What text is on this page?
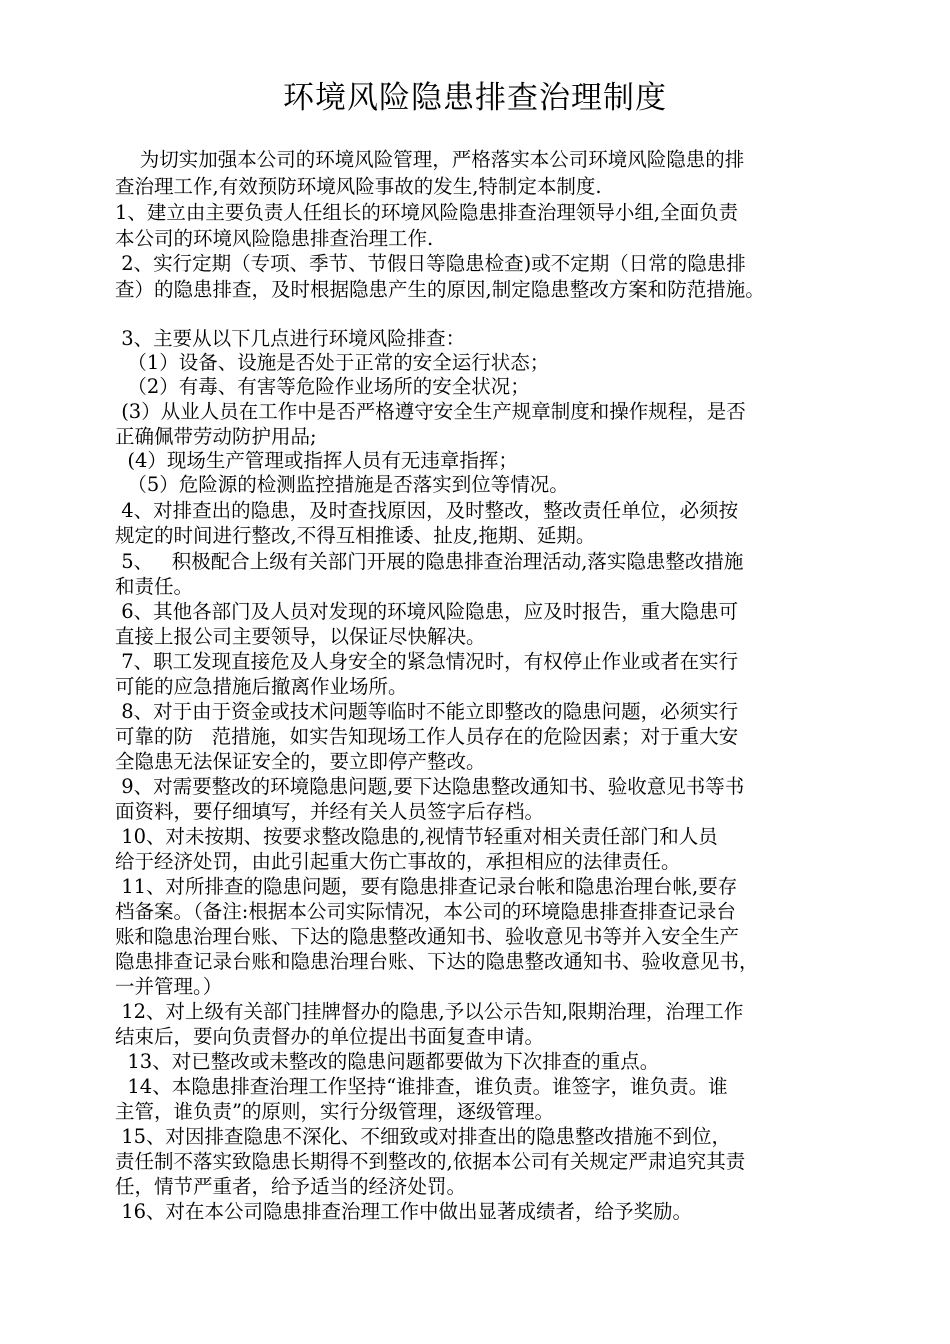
环境风险隐患排查治理制度

为切实加强本公司的环境风险管理，严格落实本公司环境风险隐患的排

查治理工作,有效预防环境风险事故的发生,特制定本制度.

1、建立由主要负责人任组长的环境风险隐患排查治理领导小组,全面负责

本公司的环境风险隐患排查治理工作.

2、实行定期（专项、季节、节假日等隐患检查)或不定期（日常的隐患排

查）的隐患排查，及时根据隐患产生的原因,制定隐患整改方案和防范措施。

3、主要从以下几点进行环境风险排查：

（1）设备、设施是否处于正常的安全运行状态；

（2）有毒、有害等危险作业场所的安全状况；

(3）从业人员在工作中是否严格遵守安全生产规章制度和操作规程，是否

正确佩带劳动防护用品;

(4）现场生产管理或指挥人员有无违章指挥；

（5）危险源的检测监控措施是否落实到位等情况。

4、对排查出的隐患，及时查找原因，及时整改，整改责任单位，必须按

规定的时间进行整改,不得互相推诿、扯皮,拖期、延期。

5、   积极配合上级有关部门开展的隐患排查治理活动,落实隐患整改措施

和责任。

6、其他各部门及人员对发现的环境风险隐患，应及时报告，重大隐患可

直接上报公司主要领导，以保证尽快解决。

7、职工发现直接危及人身安全的紧急情况时，有权停止作业或者在实行

可能的应急措施后撤离作业场所。

8、对于由于资金或技术问题等临时不能立即整改的隐患问题，必须实行

可靠的防   范措施，如实告知现场工作人员存在的危险因素；对于重大安

全隐患无法保证安全的，要立即停产整改。

9、对需要整改的环境隐患问题,要下达隐患整改通知书、验收意见书等书

面资料，要仔细填写，并经有关人员签字后存档。

10、对未按期、按要求整改隐患的,视情节轻重对相关责任部门和人员

给于经济处罚，由此引起重大伤亡事故的，承担相应的法律责任。

11、对所排查的隐患问题，要有隐患排查记录台帐和隐患治理台帐,要存

档备案。（备注:根据本公司实际情况，本公司的环境隐患排查排查记录台

账和隐患治理台账、下达的隐患整改通知书、验收意见书等并入安全生产

隐患排查记录台账和隐患治理台账、下达的隐患整改通知书、验收意见书，

一并管理。）

12、对上级有关部门挂牌督办的隐患,予以公示告知,限期治理，治理工作

结束后，要向负责督办的单位提出书面复查申请。

13、对已整改或未整改的隐患问题都要做为下次排查的重点。

14、本隐患排查治理工作坚持“谁排查，谁负责。谁签字，谁负责。谁

主管，谁负责”的原则，实行分级管理，逐级管理。

15、对因排查隐患不深化、不细致或对排查出的隐患整改措施不到位，

责任制不落实致隐患长期得不到整改的,依据本公司有关规定严肃追究其责

任，情节严重者，给予适当的经济处罚。

16、对在本公司隐患排查治理工作中做出显著成绩者，给予奖励。
